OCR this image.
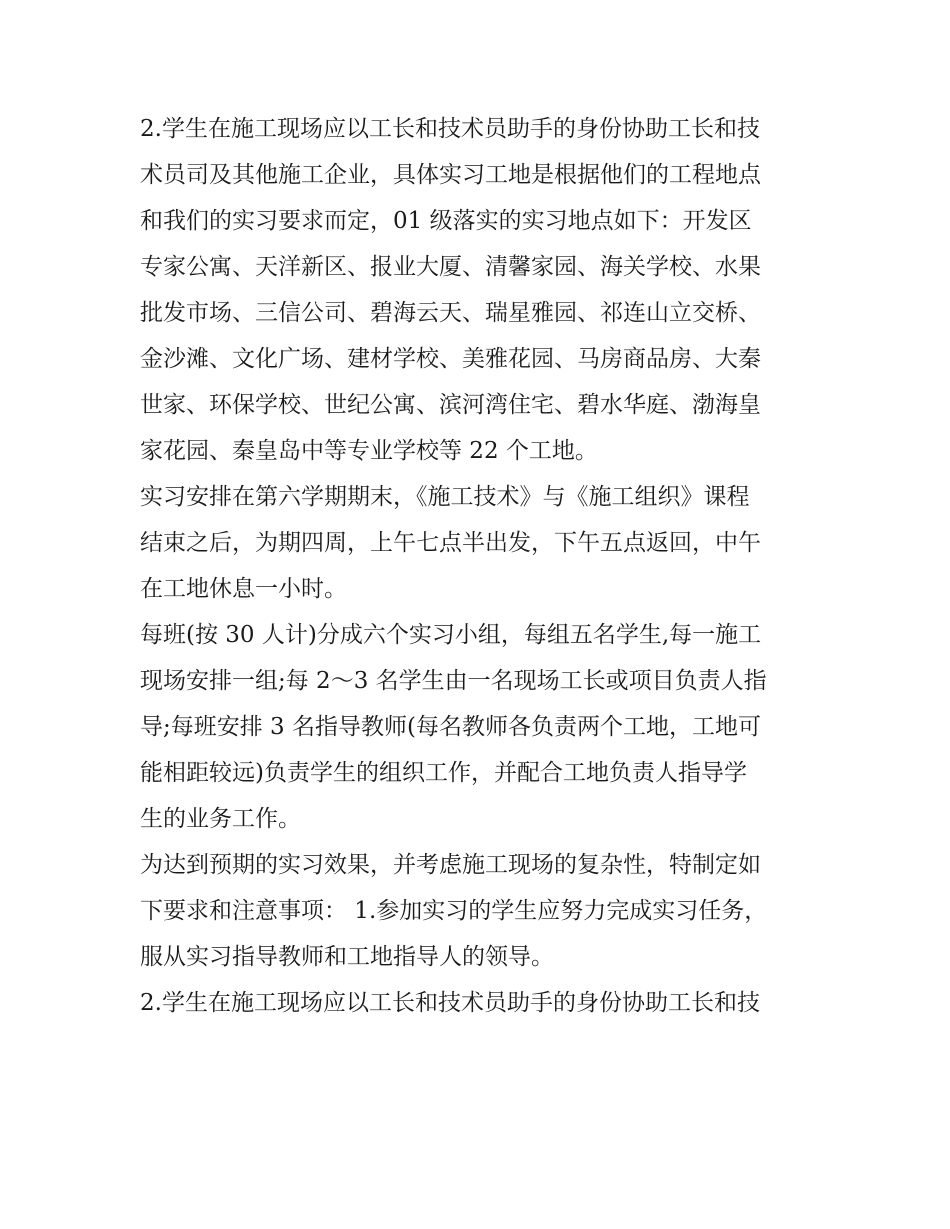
2.学生在施工现场应以工长和技术员助手的身份协助工长和技
术员司及其他施工企业，具体实习工地是根据他们的工程地点
和我们的实习要求而定，01 级落实的实习地点如下：开发区
专家公寓、天洋新区、报业大厦、清馨家园、海关学校、水果
批发市场、三信公司、碧海云天、瑞星雅园、祁连山立交桥、
金沙滩、文化广场、建材学校、美雅花园、马房商品房、大秦
世家、环保学校、世纪公寓、滨河湾住宅、碧水华庭、渤海皇
家花园、秦皇岛中等专业学校等 22 个工地。
实习安排在第六学期期末，《施工技术》与《施工组织》课程
结束之后，为期四周，上午七点半出发，下午五点返回，中午
在工地休息一小时。
每班(按 30 人计)分成六个实习小组，每组五名学生,每一施工
现场安排一组;每 2～3 名学生由一名现场工长或项目负责人指
导;每班安排 3 名指导教师(每名教师各负责两个工地，工地可
能相距较远)负责学生的组织工作，并配合工地负责人指导学
生的业务工作。
为达到预期的实习效果，并考虑施工现场的复杂性，特制定如
下要求和注意事项： 1.参加实习的学生应努力完成实习任务，
服从实习指导教师和工地指导人的领导。
2.学生在施工现场应以工长和技术员助手的身份协助工长和技
